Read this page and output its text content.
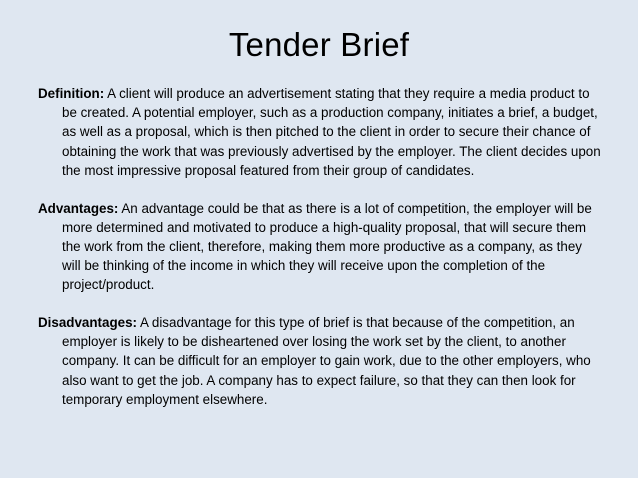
Tender Brief

Definition: A client will produce an advertisement stating that they require a media product to be created. A potential employer, such as a production company, initiates a brief, a budget, as well as a proposal, which is then pitched to the client in order to secure their chance of obtaining the work that was previously advertised by the employer. The client decides upon the most impressive proposal featured from their group of candidates.

Advantages: An advantage could be that as there is a lot of competition, the employer will be more determined and motivated to produce a high-quality proposal, that will secure them the work from the client, therefore, making them more productive as a company, as they will be thinking of the income in which they will receive upon the completion of the project/product.

Disadvantages: A disadvantage for this type of brief is that because of the competition, an employer is likely to be disheartened over losing the work set by the client, to another company. It can be difficult for an employer to gain work, due to the other employers, who also want to get the job. A company has to expect failure, so that they can then look for temporary employment elsewhere.
